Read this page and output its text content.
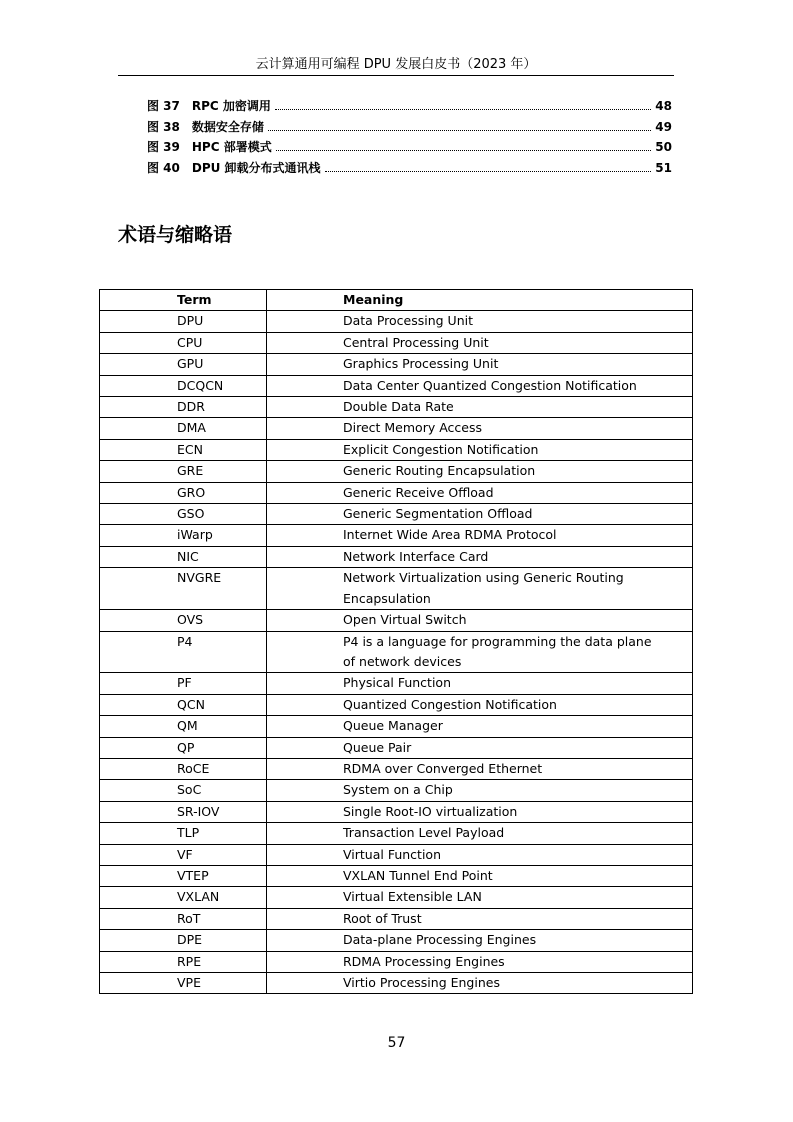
云计算通用可编程 DPU 发展白皮书（2023 年）
图 37　RPC 加密调用	48
图 38　数据安全存储	49
图 39　HPC 部署模式	50
图 40　DPU 卸载分布式通讯栈	51
术语与缩略语
Term	Meaning
DPU	Data Processing Unit
CPU	Central Processing Unit
GPU	Graphics Processing Unit
DCQCN	Data Center Quantized Congestion Notification
DDR	Double Data Rate
DMA	Direct Memory Access
ECN	Explicit Congestion Notification
GRE	Generic Routing Encapsulation
GRO	Generic Receive Offload
GSO	Generic Segmentation Offload
iWarp	Internet Wide Area RDMA Protocol
NIC	Network Interface Card
NVGRE	Network Virtualization using Generic Routing Encapsulation
OVS	Open Virtual Switch
P4	P4 is a language for programming the data plane of network devices
PF	Physical Function
QCN	Quantized Congestion Notification
QM	Queue Manager
QP	Queue Pair
RoCE	RDMA over Converged Ethernet
SoC	System on a Chip
SR-IOV	Single Root-IO virtualization
TLP	Transaction Level Payload
VF	Virtual Function
VTEP	VXLAN Tunnel End Point
VXLAN	Virtual Extensible LAN
RoT	Root of Trust
DPE	Data-plane Processing Engines
RPE	RDMA Processing Engines
VPE	Virtio Processing Engines
57
